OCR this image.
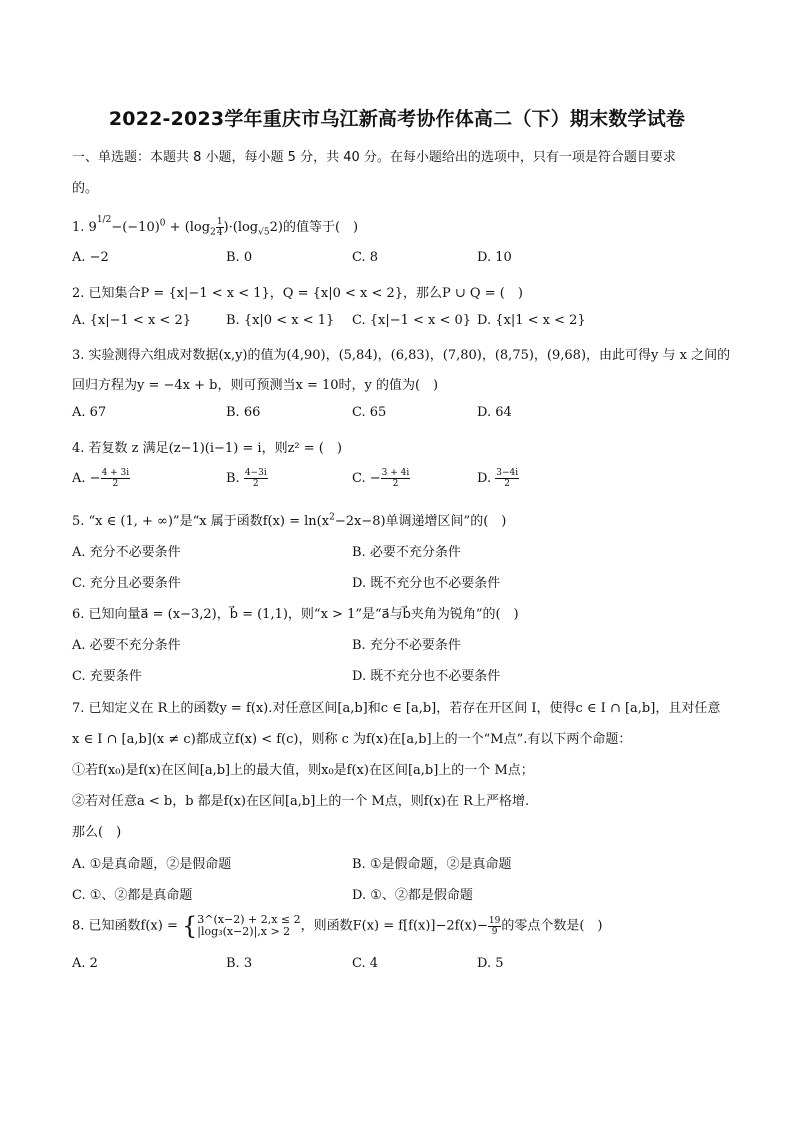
2022-2023学年重庆市乌江新高考协作体高二（下）期末数学试卷
一、单选题：本题共 8 小题，每小题 5 分，共 40 分。在每小题给出的选项中，只有一项是符合题目要求
的。
1. $9^{1/2}-(-10)^0 + (\log_2 \frac{1}{4} )\cdot(\log_{√5}2)$的值等于(　)
A. −2	B. 0	C. 8	D. 10
2. 已知集合P = {x|−1 < x < 1}，Q = {x|0 < x < 2}，那么P ∪ Q = (　)
A. {x|−1 < x < 2}	B. {x|0 < x < 1} C. {x|−1 < x < 0} D. {x|1 < x < 2}
3. 实验测得六组成对数据(x,y)的值为(4,90)，(5,84)，(6,83)，(7,80)，(8,75)，(9,68)，由此可得y 与 x 之间的
回归方程为y = −4x + b，则可预测当x = 10时，y 的值为(　)
A. 67	B. 66	C. 65	D. 64
4. 若复数 z 满足(z−1)(i−1) = i，则z² = (　)
A. − $\frac{4 + 3i}{2}$	B. $\frac{4-3i}{2}$	C. − $\frac{3 + 4i}{2}$	D. $\frac{3-4i}{2}$
5. “x ∈ (1, + ∞)”是“x 属于函数$f(x) = \ln(x^2-2x-8)$单调递增区间”的(　)
A. 充分不必要条件	B. 必要不充分条件
C. 充分且必要条件	D. 既不充分也不必要条件
6. 已知向量a⃗ = (x−3,2)，b⃗ = (1,1)，则“x > 1”是“a⃗与b⃗夹角为锐角”的(　)
A. 必要不充分条件	B. 充分不必要条件
C. 充要条件	D. 既不充分也不必要条件
7. 已知定义在 R上的函数y = f(x).对任意区间[a,b]和c ∈ [a,b]，若存在开区间 I，使得c ∈ I ∩ [a,b]，且对任意
x ∈ I ∩ [a,b](x ≠ c)都成立f(x) < f(c)，则称 c 为f(x)在[a,b]上的一个“M点”.有以下两个命题：
①若f(x₀)是f(x)在区间[a,b]上的最大值，则x₀是f(x)在区间[a,b]上的一个 M点；
②若对任意a < b，b 都是f(x)在区间[a,b]上的一个 M点，则f(x)在 R上严格增.
那么(　)
A. ①是真命题，②是假命题	B. ①是假命题，②是真命题
C. ①、②都是真命题	D. ①、②都是假命题
8. 已知函数f(x) = { 3^(x−2) + 2,x ≤ 2
|log₃(x−2)|,x > 2 ，则函数$F(x) = f[f(x)]-2f(x)- \frac{19}{9}$ 的零点个数是(　)
A. 2	B. 3	C. 4	D. 5
